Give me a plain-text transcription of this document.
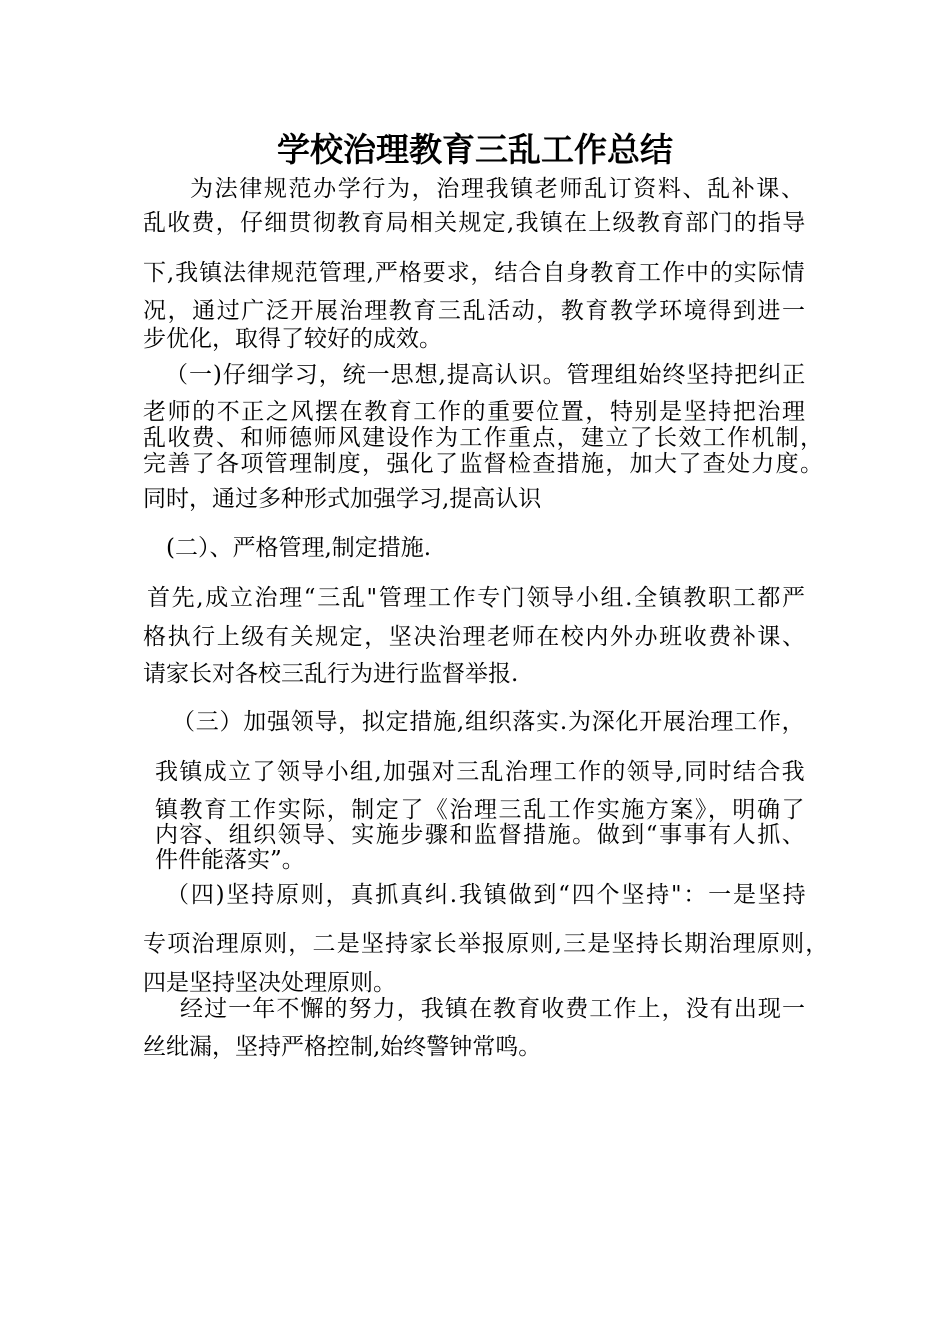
学校治理教育三乱工作总结
为法律规范办学行为，治理我镇老师乱订资料、乱补课、
乱收费，仔细贯彻教育局相关规定,我镇在上级教育部门的指导
下,我镇法律规范管理,严格要求，结合自身教育工作中的实际情
况，通过广泛开展治理教育三乱活动，教育教学环境得到进一
步优化，取得了较好的成效。
（一)仔细学习，统一思想,提高认识。管理组始终坚持把纠正
老师的不正之风摆在教育工作的重要位置，特别是坚持把治理
乱收费、和师德师风建设作为工作重点，建立了长效工作机制，
完善了各项管理制度，强化了监督检查措施，加大了查处力度。
同时，通过多种形式加强学习,提高认识
(二）、严格管理,制定措施.
首先,成立治理“三乱"管理工作专门领导小组.全镇教职工都严
格执行上级有关规定，坚决治理老师在校内外办班收费补课、
请家长对各校三乱行为进行监督举报.
（三）加强领导，拟定措施,组织落实.为深化开展治理工作，
我镇成立了领导小组,加强对三乱治理工作的领导,同时结合我
镇教育工作实际，制定了《治理三乱工作实施方案》，明确了
内容、组织领导、实施步骤和监督措施。做到“事事有人抓、
件件能落实”。
（四)坚持原则，真抓真纠.我镇做到“四个坚持"：一是坚持
专项治理原则，二是坚持家长举报原则,三是坚持长期治理原则，
四是坚持坚决处理原则。
经过一年不懈的努力，我镇在教育收费工作上，没有出现一
丝纰漏，坚持严格控制,始终警钟常鸣。
